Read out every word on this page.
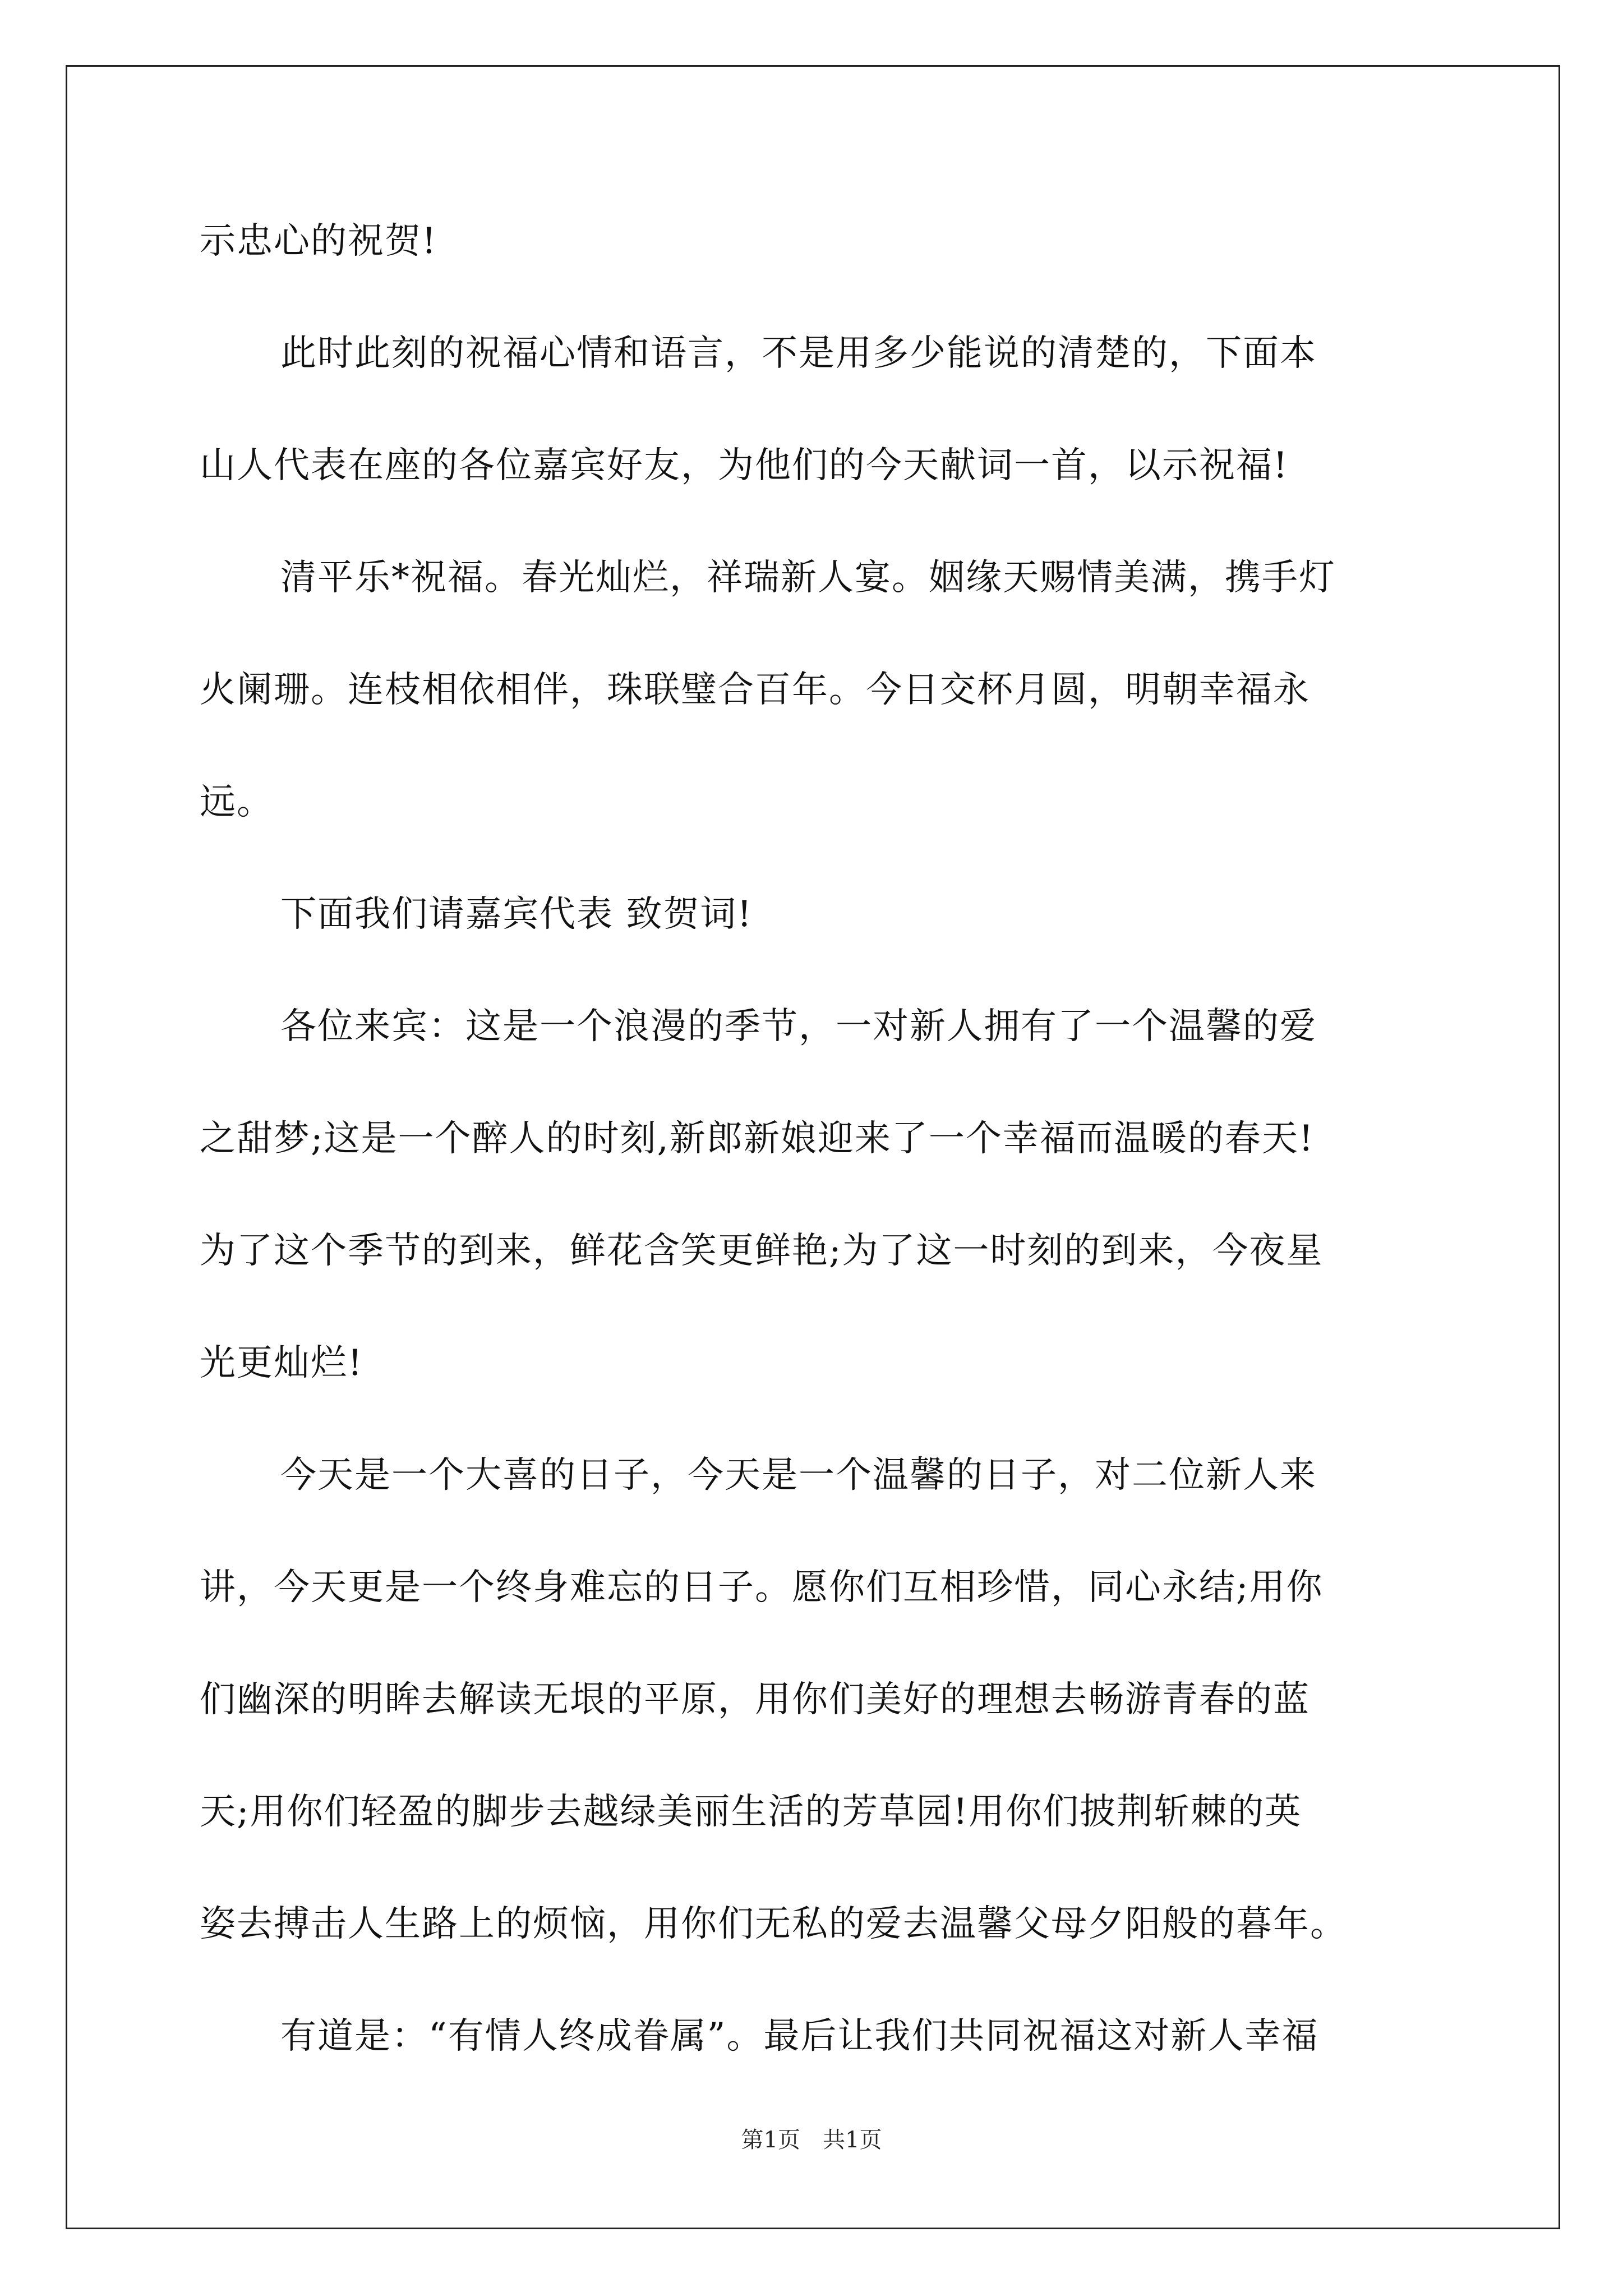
示忠心的祝贺!
此时此刻的祝福心情和语言，不是用多少能说的清楚的，下面本
山人代表在座的各位嘉宾好友，为他们的今天献词一首，以示祝福!
清平乐*祝福。春光灿烂，祥瑞新人宴。姻缘天赐情美满，携手灯
火阑珊。连枝相依相伴，珠联璧合百年。今日交杯月圆，明朝幸福永
远。
下面我们请嘉宾代表 致贺词!
各位来宾：这是一个浪漫的季节，一对新人拥有了一个温馨的爱
之甜梦;这是一个醉人的时刻,新郎新娘迎来了一个幸福而温暖的春天!
为了这个季节的到来，鲜花含笑更鲜艳;为了这一时刻的到来，今夜星
光更灿烂!
今天是一个大喜的日子，今天是一个温馨的日子，对二位新人来
讲，今天更是一个终身难忘的日子。愿你们互相珍惜，同心永结;用你
们幽深的明眸去解读无垠的平原，用你们美好的理想去畅游青春的蓝
天;用你们轻盈的脚步去越绿美丽生活的芳草园!用你们披荆斩棘的英
姿去搏击人生路上的烦恼，用你们无私的爱去温馨父母夕阳般的暮年。
有道是：“有情人终成眷属”。最后让我们共同祝福这对新人幸福
第1页　共1页
